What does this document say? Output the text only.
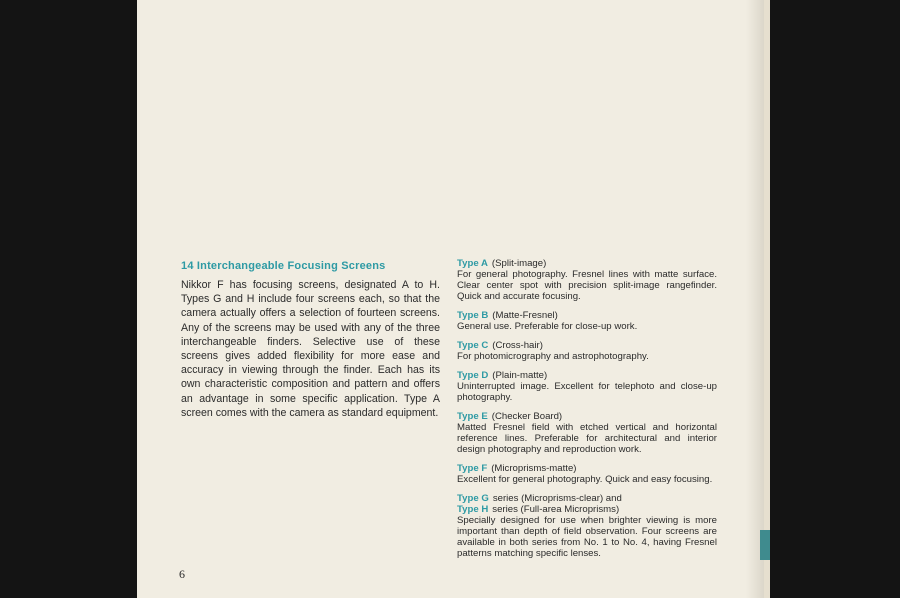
14 Interchangeable Focusing Screens
Nikkor F has focusing screens, designated A to H. Types G and H include four screens each, so that the camera actually offers a selection of fourteen screens. Any of the screens may be used with any of the three interchangeable finders. Selective use of these screens gives added flexibility for more ease and accuracy in viewing through the finder. Each has its own characteristic composition and pattern and offers an advantage in some specific application. Type A screen comes with the camera as standard equipment.
Type A (Split-image)
For general photography. Fresnel lines with matte surface. Clear center spot with precision split-image rangefinder. Quick and accurate focusing.
Type B (Matte-Fresnel)
General use. Preferable for close-up work.
Type C (Cross-hair)
For photomicrography and astrophotography.
Type D (Plain-matte)
Uninterrupted image. Excellent for telephoto and close-up photography.
Type E (Checker Board)
Matted Fresnel field with etched vertical and horizontal reference lines. Preferable for architectural and interior design photography and reproduction work.
Type F (Microprisms-matte)
Excellent for general photography. Quick and easy focusing.
Type G series (Microprisms-clear) and
Type H series (Full-area Microprisms)
Specially designed for use when brighter viewing is more important than depth of field observation. Four screens are available in both series from No. 1 to No. 4, having Fresnel patterns matching specific lenses.
6
